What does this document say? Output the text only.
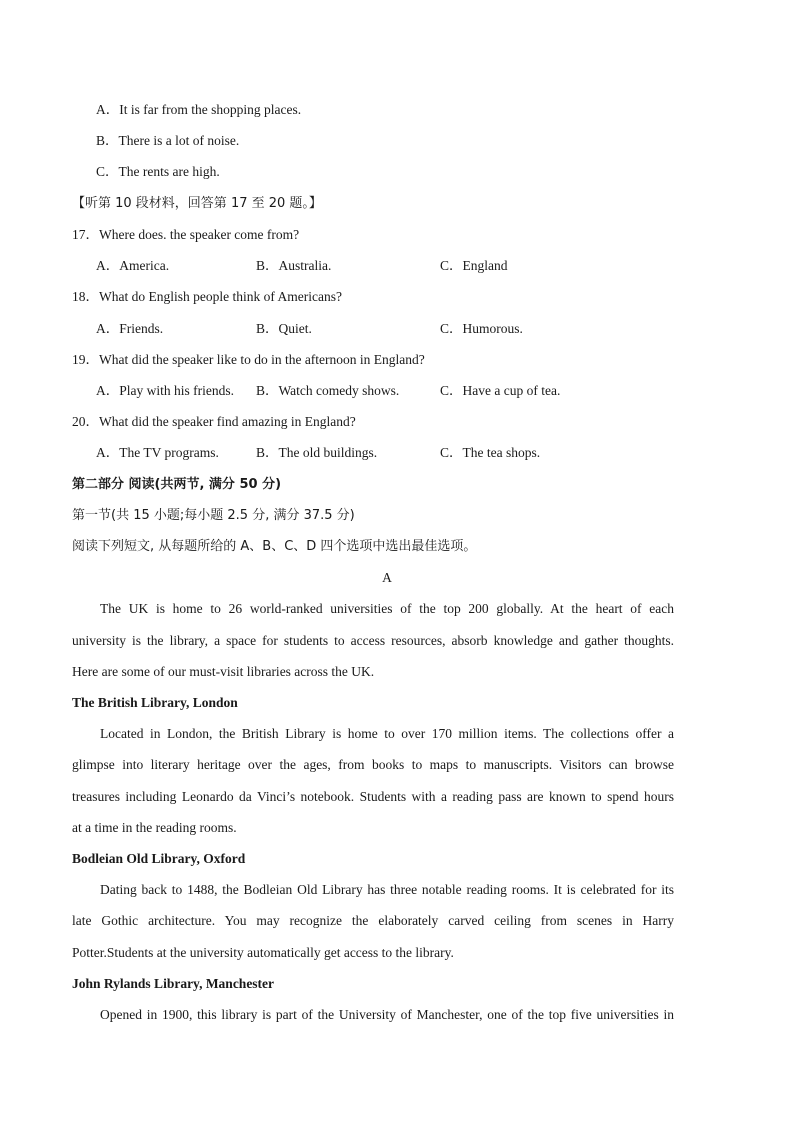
A．It is far from the shopping places.
B．There is a lot of noise.
C．The rents are high.
【听第 10 段材料，回答第 17 至 20 题。】
17．Where does. the speaker come from?
A．America.	B．Australia.	C．England
18．What do English people think of Americans?
A．Friends.	B．Quiet.	C．Humorous.
19．What did the speaker like to do in the afternoon in England?
A．Play with his friends. B．Watch comedy shows.	C．Have a cup of tea.
20．What did the speaker find amazing in England?
A．The TV programs.	B．The old buildings.	C．The tea shops.
第二部分 阅读(共两节, 满分 50 分)
第一节(共 15 小题;每小题 2.5 分, 满分 37.5 分)
阅读下列短文, 从每题所给的 A、B、C、D 四个选项中选出最佳选项。
A
The UK is home to 26 world-ranked universities of the top 200 globally. At the heart of each
university is the library, a space for students to access resources, absorb knowledge and gather thoughts.
Here are some of our must-visit libraries across the UK.
The British Library, London
Located in London, the British Library is home to over 170 million items. The collections offer a
glimpse into literary heritage over the ages, from books to maps to manuscripts. Visitors can browse
treasures including Leonardo da Vinci’s notebook. Students with a reading pass are known to spend hours
at a time in the reading rooms.
Bodleian Old Library, Oxford
Dating back to 1488, the Bodleian Old Library has three notable reading rooms. It is celebrated for its
late Gothic architecture. You may recognize the elaborately carved ceiling from scenes in Harry
Potter.Students at the university automatically get access to the library.
John Rylands Library, Manchester
Opened in 1900, this library is part of the University of Manchester, one of the top five universities in
